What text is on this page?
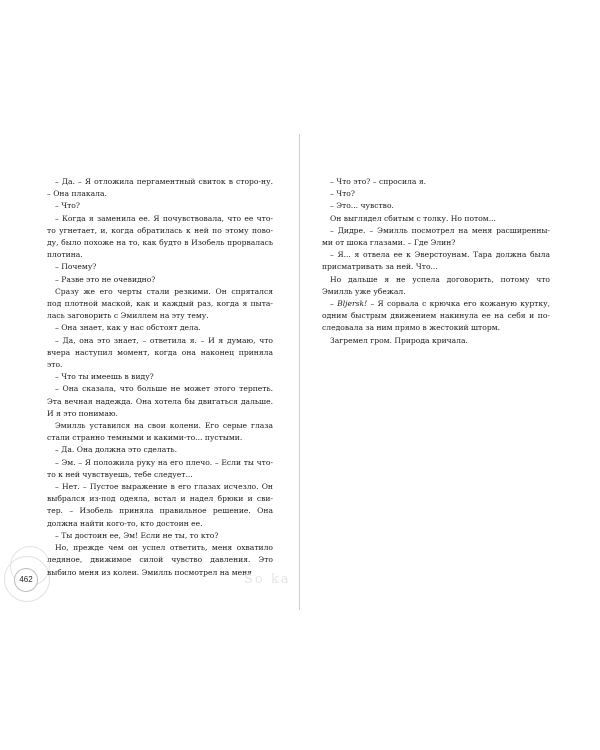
– Да. – Я отложила пергаментный свиток в сторо-ну. – Она плакала.

– Что?

– Когда я заменила ее. Я почувствовала, что ее что-то угнетает, и, когда обратилась к ней по этому пово-ду, было похоже на то, как будто в Изобель прорвалась плотина.

– Почему?

– Разве это не очевидно?

Сразу же его черты стали резкими. Он спрятался под плотной маской, как и каждый раз, когда я пыта-лась заговорить с Эмиллем на эту тему.

– Она знает, как у нас обстоят дела.

– Да, она это знает, – ответила я. – И я думаю, что вчера наступил момент, когда она наконец приняла это.

– Что ты имеешь в виду?

– Она сказала, что больше не может этого терпеть. Эта вечная надежда. Она хотела бы двигаться дальше. И я это понимаю.

Эмилль уставился на свои колени. Его серые глаза стали странно темными и какими-то... пустыми.

– Да. Она должна это сделать.

– Эм. – Я положила руку на его плечо. – Если ты что-то к ней чувствуешь, тебе следует...

– Нет. – Пустое выражение в его глазах исчезло. Он выбрался из-под одеяла, встал и надел брюки и сви-тер. – Изобель приняла правильное решение. Она должна найти кого-то, кто достоин ее.

– Ты достоин ее, Эм! Если не ты, то кто?

Но, прежде чем он успел ответить, меня охватило ледяное, движимое силой чувство давления. Это выбило меня из колеи. Эмилль посмотрел на меня

462	So ka

– Что это? – спросила я.

– Что?

– Это... чувство.

Он выглядел сбитым с толку. Но потом...

– Дидре. – Эмилль посмотрел на меня расширенны-ми от шока глазами. – Где Элин?

– Я... я отвела ее к Эверстоунам. Тара должна была присматривать за ней. Что...

Но дальше я не успела договорить, потому что Эмилль уже убежал.

– Bljersk! – Я сорвала с крючка его кожаную куртку, одним быстрым движением накинула ее на себя и по-следовала за ним прямо в жестокий шторм.

Загремел гром. Природа кричала.
